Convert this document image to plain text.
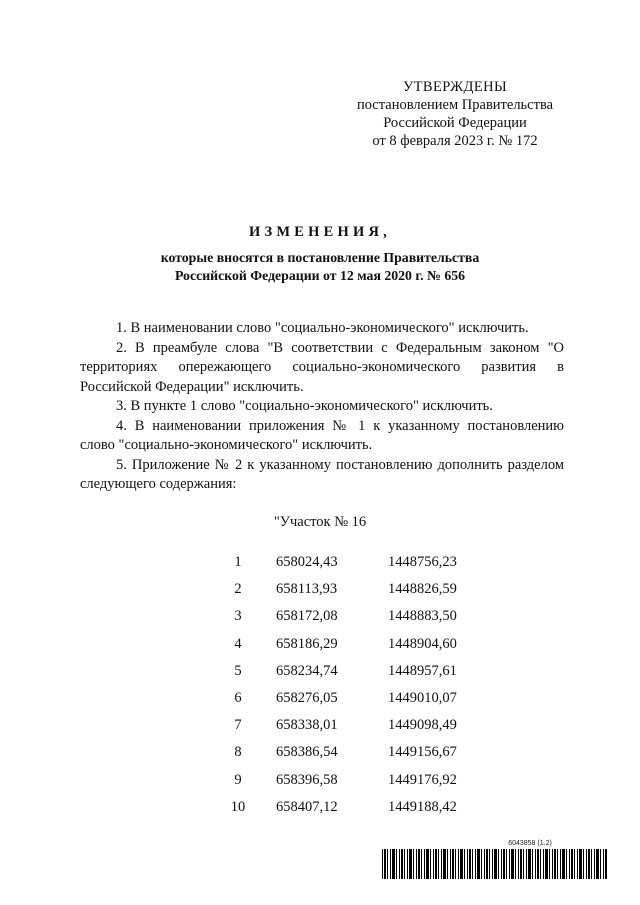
УТВЕРЖДЕНЫ
постановлением Правительства
Российской Федерации
от 8 февраля 2023 г. № 172
ИЗМЕНЕНИЯ,
которые вносятся в постановление Правительства
Российской Федерации от 12 мая 2020 г. № 656

1. В наименовании слово "социально-экономического" исключить.

2. В преамбуле слова "В соответствии с Федеральным законом "О территориях опережающего социально-экономического развития в Российской Федерации" исключить.

3. В пункте 1 слово "социально-экономического" исключить.

4. В наименовании приложения № 1 к указанному постановлению слово "социально-экономического" исключить.

5. Приложение № 2 к указанному постановлению дополнить разделом следующего содержания:

"Участок № 16
1	658024,43	1448756,23
2	658113,93	1448826,59
3	658172,08	1448883,50
4	658186,29	1448904,60
5	658234,74	1448957,61
6	658276,05	1449010,07
7	658338,01	1449098,49
8	658386,54	1449156,67
9	658396,58	1449176,92
10	658407,12	1449188,42
6043858 (1.2)
